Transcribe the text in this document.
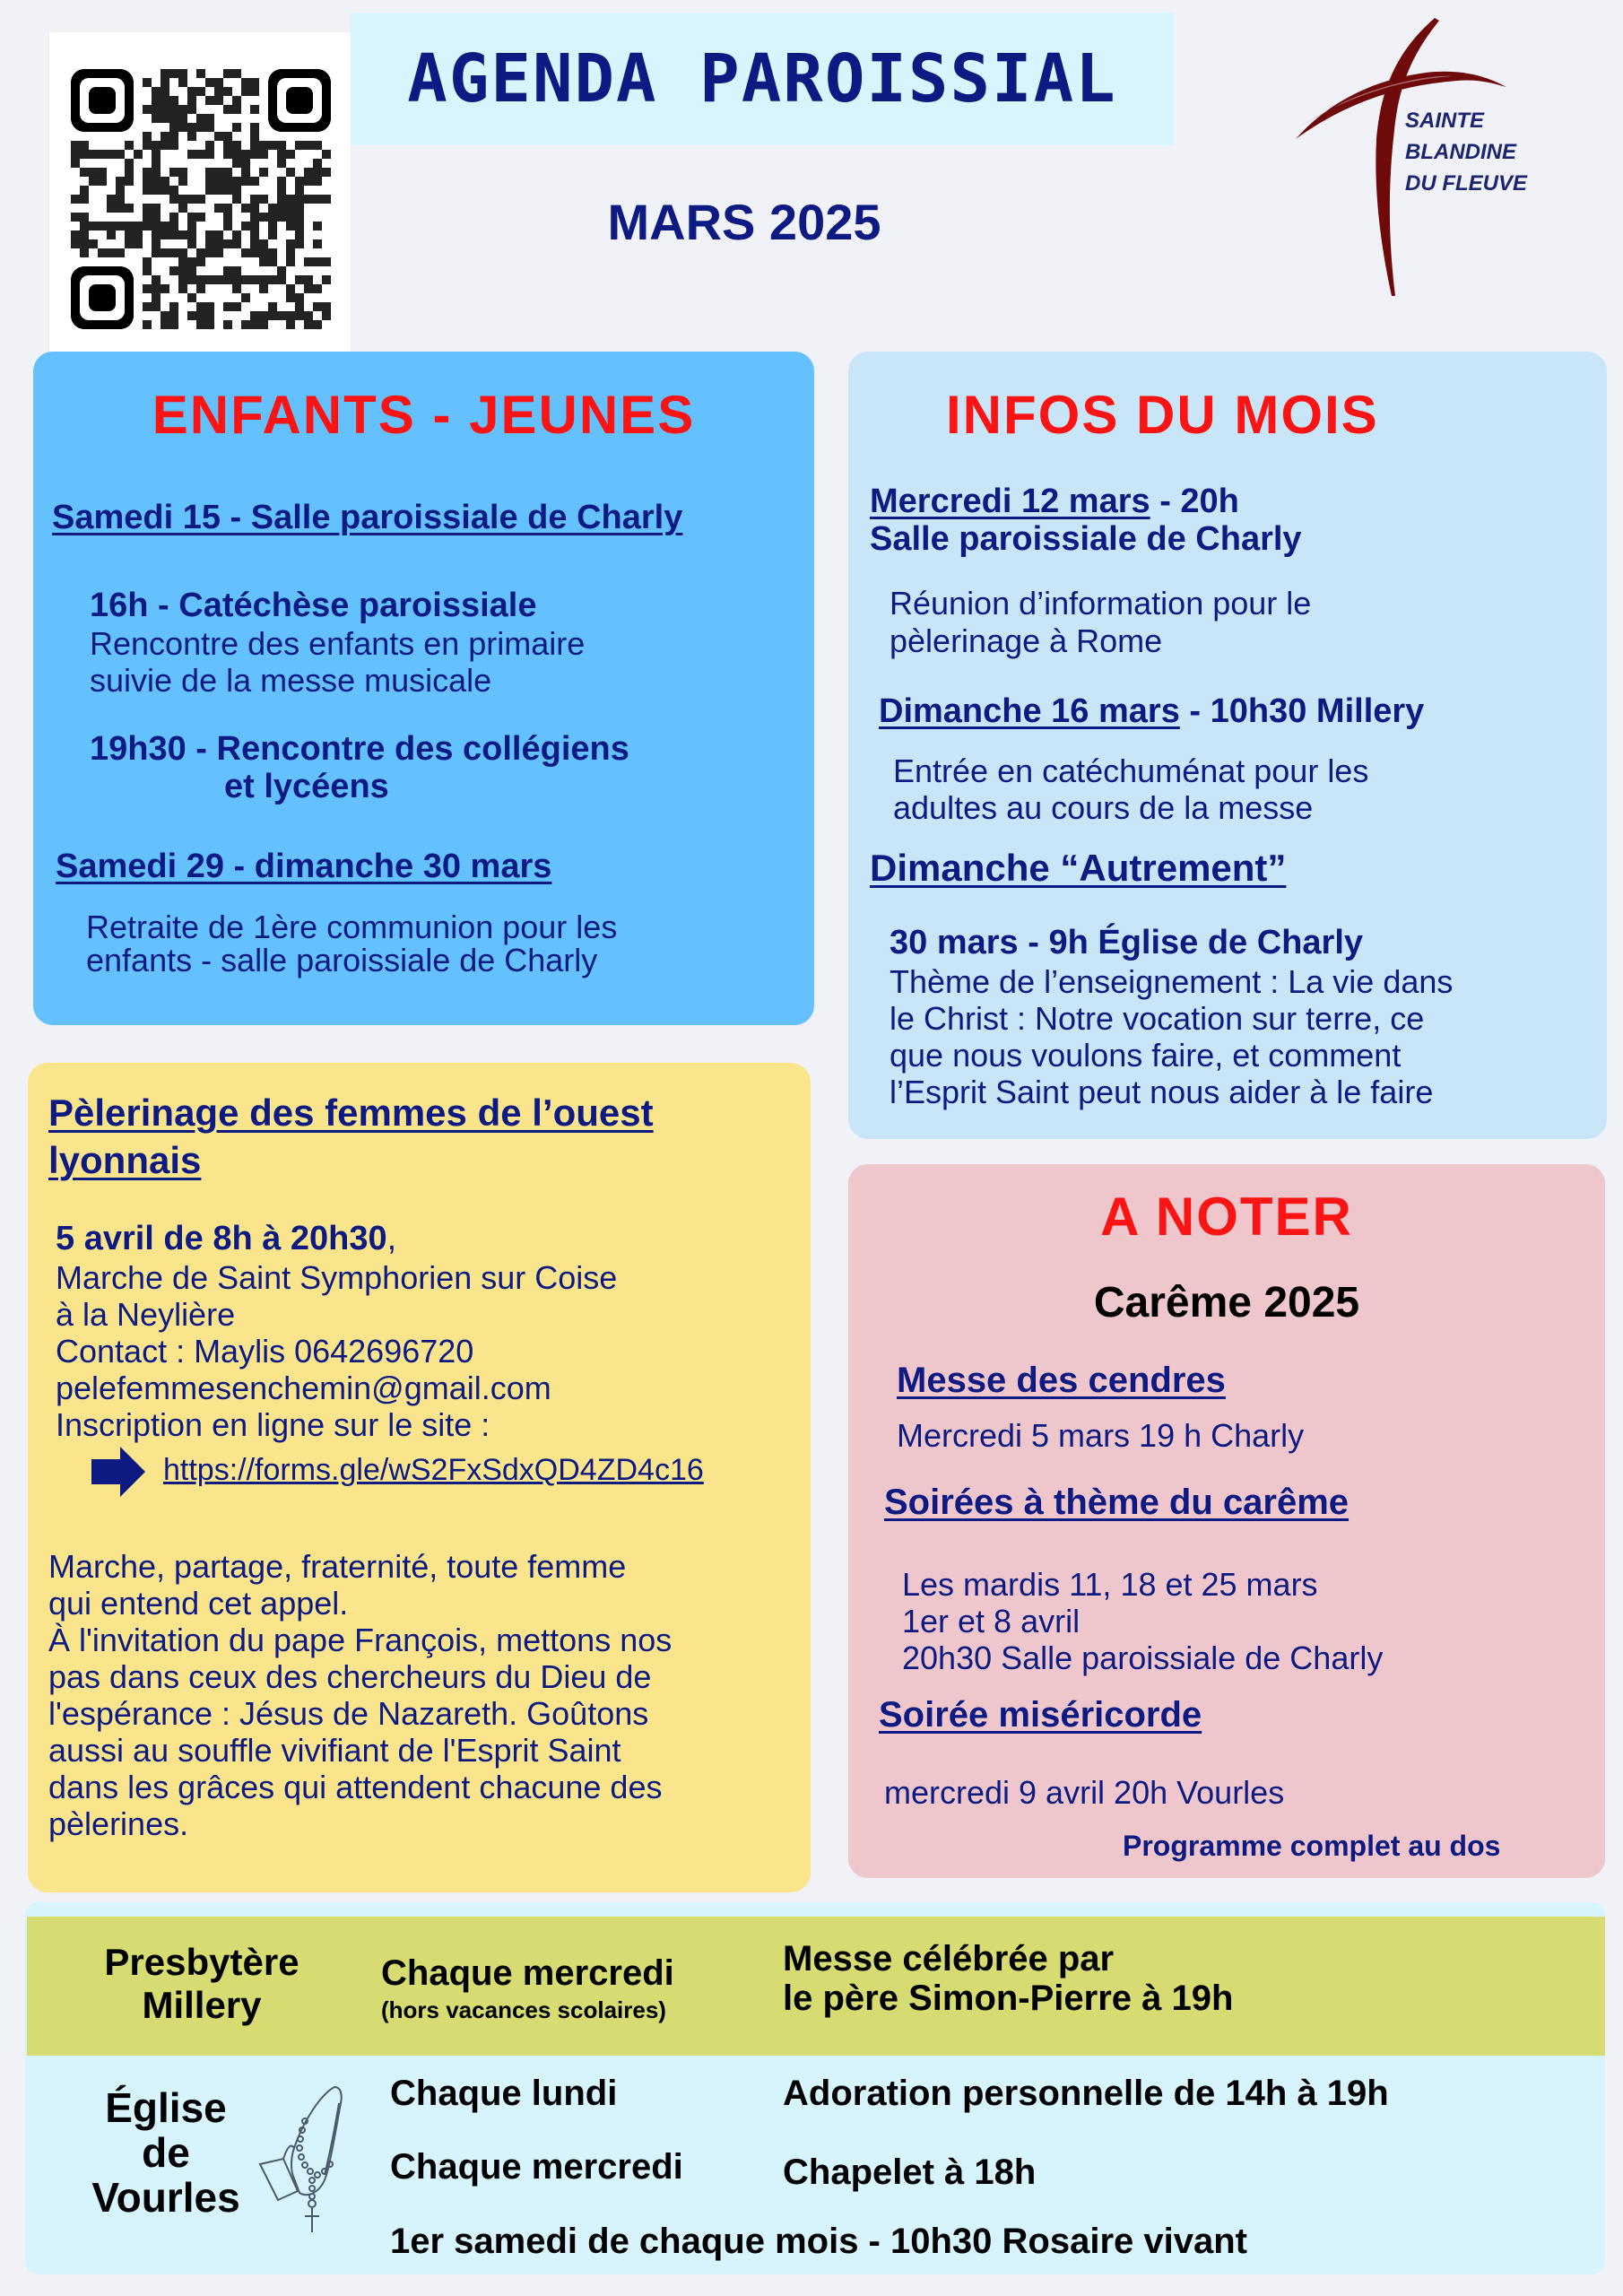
AGENDA PAROISSIAL
MARS 2025
SAINTE
BLANDINE
DU FLEUVE
ENFANTS - JEUNES
Samedi 15 - Salle paroissiale de Charly
16h - Catéchèse paroissiale
Rencontre des enfants en primaire
suivie de la messe musicale
19h30 - Rencontre des collégiens
et lycéens
Samedi 29 - dimanche 30 mars
Retraite de 1ère communion pour les
enfants - salle paroissiale de Charly
INFOS DU MOIS
Mercredi 12 mars - 20h
Salle paroissiale de Charly
Réunion d’information pour le
pèlerinage à Rome
Dimanche 16 mars - 10h30 Millery
Entrée en catéchuménat pour les
adultes au cours de la messe
Dimanche “Autrement”
30 mars - 9h Église de Charly
Thème de l’enseignement : La vie dans
le Christ : Notre vocation sur terre, ce
que nous voulons faire, et comment
l’Esprit Saint peut nous aider à le faire
Pèlerinage des femmes de l’ouest
lyonnais
5 avril de 8h à 20h30,
Marche de Saint Symphorien sur Coise
à la Neylière
Contact : Maylis 0642696720
pelefemmesenchemin@gmail.com
Inscription en ligne sur le site :
https://forms.gle/wS2FxSdxQD4ZD4c16
Marche, partage, fraternité, toute femme
qui entend cet appel.
À l'invitation du pape François, mettons nos
pas dans ceux des chercheurs du Dieu de
l'espérance : Jésus de Nazareth. Goûtons
aussi au souffle vivifiant de l'Esprit Saint
dans les grâces qui attendent chacune des
pèlerines.
A NOTER
Carême 2025
Messe des cendres
Mercredi 5 mars 19 h Charly
Soirées à thème du carême
Les mardis 11, 18 et 25 mars
1er et 8 avril
20h30 Salle paroissiale de Charly
Soirée miséricorde
mercredi 9 avril 20h Vourles
Programme complet au dos
Presbytère
Millery
Chaque mercredi
(hors vacances scolaires)
Messe célébrée par
le père Simon-Pierre à 19h
Église
de
Vourles
Chaque lundi	Adoration personnelle de 14h à 19h
Chaque mercredi	Chapelet à 18h
1er samedi de chaque mois - 10h30 Rosaire vivant
